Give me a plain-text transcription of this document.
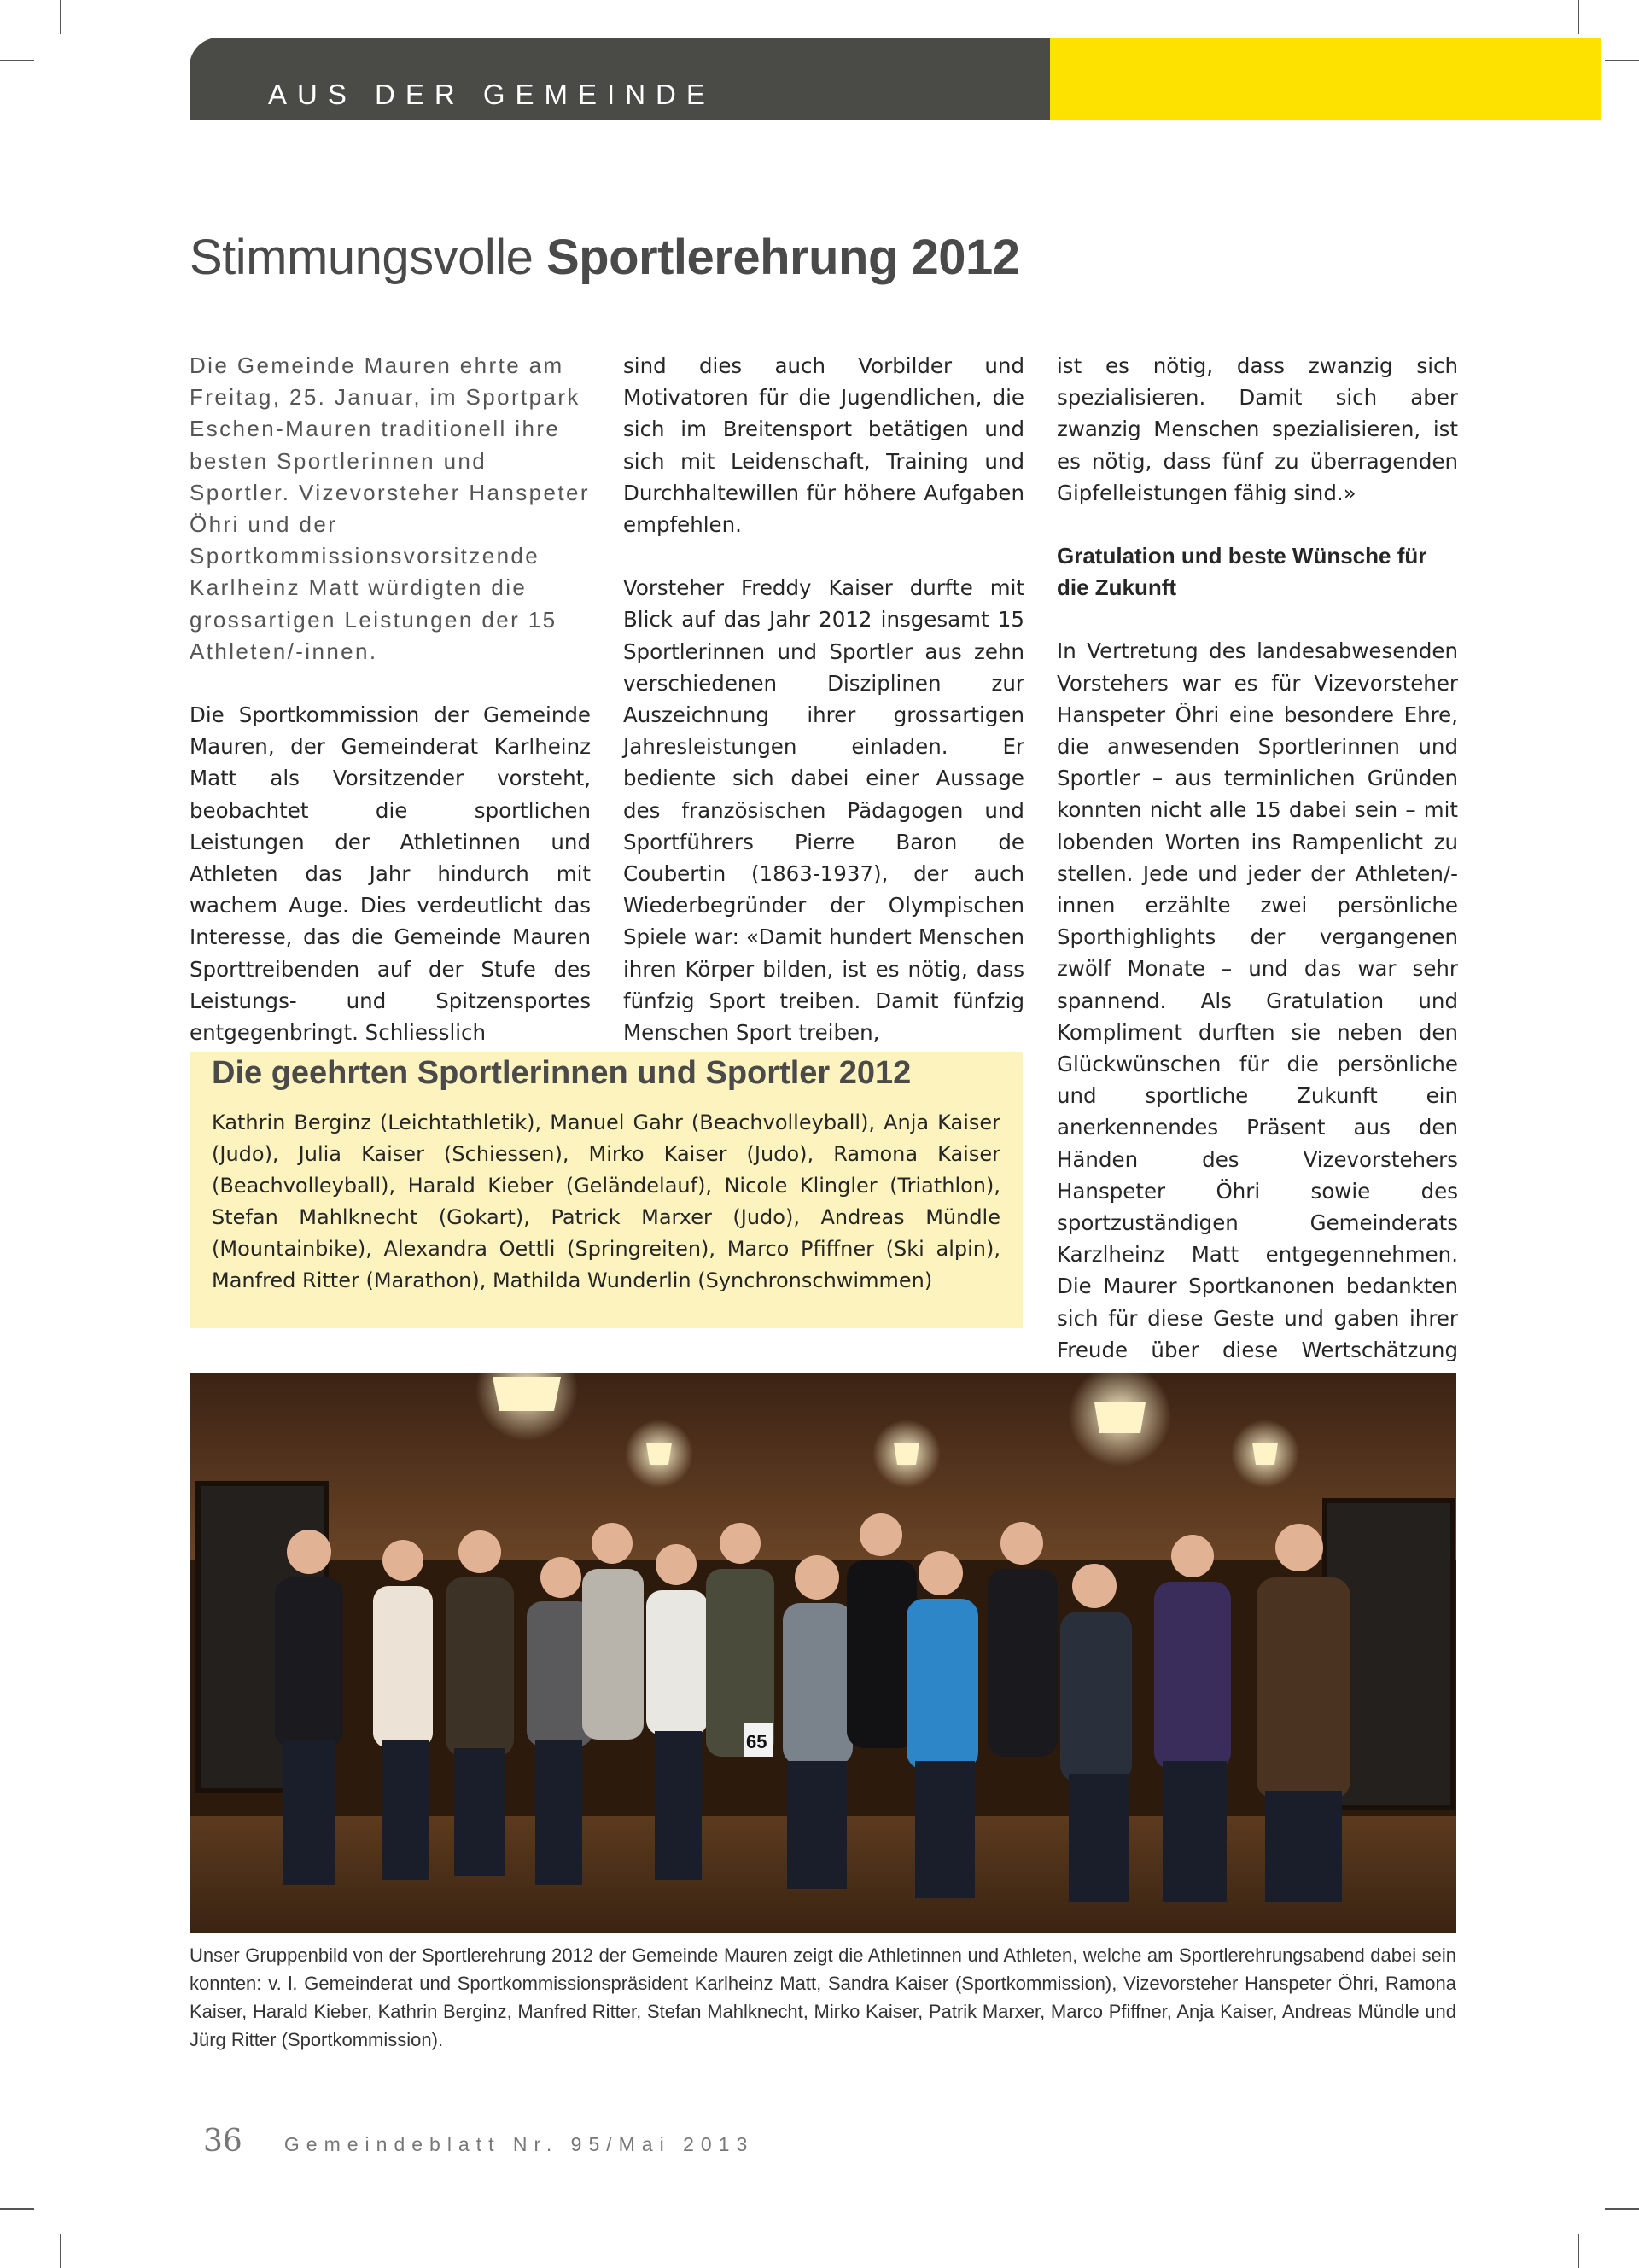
AUS DER GEMEINDE
Stimmungsvolle Sportlerehrung 2012

Die Gemeinde Mauren ehrte am Freitag, 25. Januar, im Sportpark Eschen-Mauren traditionell ihre besten Sportlerinnen und Sportler. Vizevorsteher Hanspeter Öhri und der Sportkommissionsvorsitzende Karlheinz Matt würdigten die grossartigen Leistungen der 15 Athleten/-innen.

Die Sportkommission der Gemeinde Mauren, der Gemeinderat Karlheinz Matt als Vorsitzender vorsteht, beobachtet die sportlichen Leistungen der Athletinnen und Athleten das Jahr hindurch mit wachem Auge. Dies verdeutlicht das Interesse, das die Gemeinde Mauren Sporttreibenden auf der Stufe des Leistungs- und Spitzensportes entgegenbringt. Schliesslich

sind dies auch Vorbilder und Motivatoren für die Jugendlichen, die sich im Breitensport betätigen und sich mit Leidenschaft, Training und Durchhaltewillen für höhere Aufgaben empfehlen.

Vorsteher Freddy Kaiser durfte mit Blick auf das Jahr 2012 insgesamt 15 Sportlerinnen und Sportler aus zehn verschiedenen Disziplinen zur Auszeichnung ihrer grossartigen Jahresleistungen einladen. Er bediente sich dabei einer Aussage des französischen Pädagogen und Sportführers Pierre Baron de Coubertin (1863-1937), der auch Wiederbegründer der Olympischen Spiele war: «Damit hundert Menschen ihren Körper bilden, ist es nötig, dass fünfzig Sport treiben. Damit fünfzig Menschen Sport treiben,

ist es nötig, dass zwanzig sich spezialisieren. Damit sich aber zwanzig Menschen spezialisieren, ist es nötig, dass fünf zu überragenden Gipfelleistungen fähig sind.»

Gratulation und beste Wünsche für die Zukunft

In Vertretung des landesabwesenden Vorstehers war es für Vizevorsteher Hanspeter Öhri eine besondere Ehre, die anwesenden Sportlerinnen und Sportler – aus terminlichen Gründen konnten nicht alle 15 dabei sein – mit lobenden Worten ins Rampenlicht zu stellen. Jede und jeder der Athleten/-innen erzählte zwei persönliche Sporthighlights der vergangenen zwölf Monate – und das war sehr spannend. Als Gratulation und Kompliment durften sie neben den Glückwünschen für die persönliche und sportliche Zukunft ein anerkennendes Präsent aus den Händen des Vizevorstehers Hanspeter Öhri sowie des sportzuständigen Gemeinderats Karzlheinz Matt entgegennehmen. Die Maurer Sportkanonen bedankten sich für diese Geste und gaben ihrer Freude über diese Wertschätzung

Die geehrten Sportlerinnen und Sportler 2012

Kathrin Berginz (Leichtathletik), Manuel Gahr (Beachvolleyball), Anja Kaiser (Judo), Julia Kaiser (Schiessen), Mirko Kaiser (Judo), Ramona Kaiser (Beachvolleyball), Harald Kieber (Geländelauf), Nicole Klingler (Triathlon), Stefan Mahlknecht (Gokart), Patrick Marxer (Judo), Andreas Mündle (Mountainbike), Alexandra Oettli (Springreiten), Marco Pfiffner (Ski alpin), Manfred Ritter (Marathon), Mathilda Wunderlin (Synchronschwimmen)

65

Unser Gruppenbild von der Sportlerehrung 2012 der Gemeinde Mauren zeigt die Athletinnen und Athleten, welche am Sportlerehrungsabend dabei sein konnten: v. l. Gemeinderat und Sportkommissionspräsident Karlheinz Matt, Sandra Kaiser (Sportkommission), Vizevorsteher Hanspeter Öhri, Ramona Kaiser, Harald Kieber, Kathrin Berginz, Manfred Ritter, Stefan Mahlknecht, Mirko Kaiser, Patrik Marxer, Marco Pfiffner, Anja Kaiser, Andreas Mündle und Jürg Ritter (Sportkommission).

36 Gemeindeblatt Nr. 95/Mai 2013
